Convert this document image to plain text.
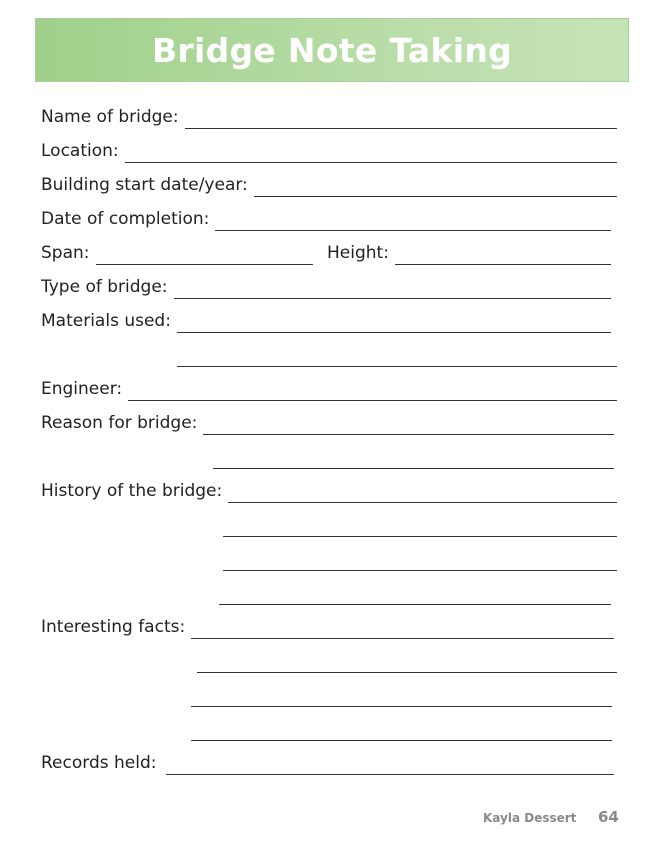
Bridge Note Taking
Name of bridge:
Location:
Building start date/year:
Date of completion:
Span:	Height:
Type of bridge:
Materials used:
Engineer:
Reason for bridge:
History of the bridge:
Interesting facts:
Records held:
Kayla Dessert 64
